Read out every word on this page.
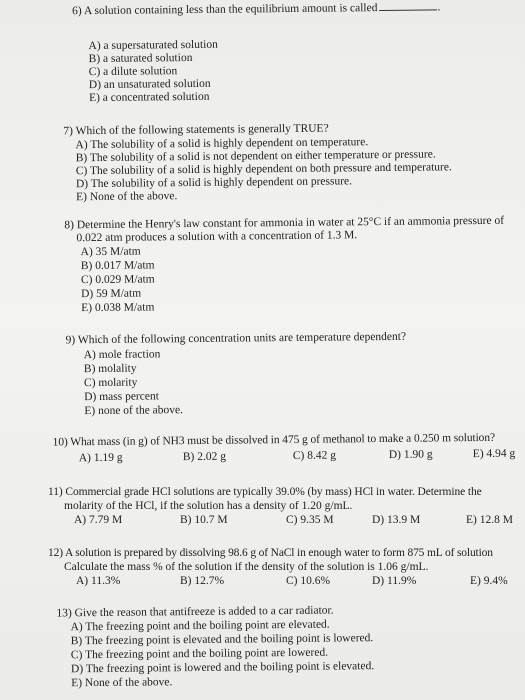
6) A solution containing less than the equilibrium amount is called	.
A) a supersaturated solution
B) a saturated solution
C) a dilute solution
D) an unsaturated solution
E) a concentrated solution
7) Which of the following statements is generally TRUE?
A) The solubility of a solid is highly dependent on temperature.
B) The solubility of a solid is not dependent on either temperature or pressure.
C) The solubility of a solid is highly dependent on both pressure and temperature.
D) The solubility of a solid is highly dependent on pressure.
E) None of the above.
8) Determine the Henry's law constant for ammonia in water at 25°C if an ammonia pressure of
0.022 atm produces a solution with a concentration of 1.3 M.
A) 35 M/atm
B) 0.017 M/atm
C) 0.029 M/atm
D) 59 M/atm
E) 0.038 M/atm
9) Which of the following concentration units are temperature dependent?
A) mole fraction
B) molality
C) molarity
D) mass percent
E) none of the above.
10) What mass (in g) of NH3 must be dissolved in 475 g of methanol to make a 0.250 m solution?
A) 1.19 g	B) 2.02 g	C) 8.42 g	D) 1.90 g	E) 4.94 g
11) Commercial grade HCl solutions are typically 39.0% (by mass) HCl in water. Determine the
molarity of the HCl, if the solution has a density of 1.20 g/mL.
A) 7.79 M	B) 10.7 M	C) 9.35 M	D) 13.9 M	E) 12.8 M
12) A solution is prepared by dissolving 98.6 g of NaCl in enough water to form 875 mL of solution
Calculate the mass % of the solution if the density of the solution is 1.06 g/mL.
A) 11.3%	B) 12.7%	C) 10.6%	D) 11.9%	E) 9.4%
13) Give the reason that antifreeze is added to a car radiator.
A) The freezing point and the boiling point are elevated.
B) The freezing point is elevated and the boiling point is lowered.
C) The freezing point and the boiling point are lowered.
D) The freezing point is lowered and the boiling point is elevated.
E) None of the above.
